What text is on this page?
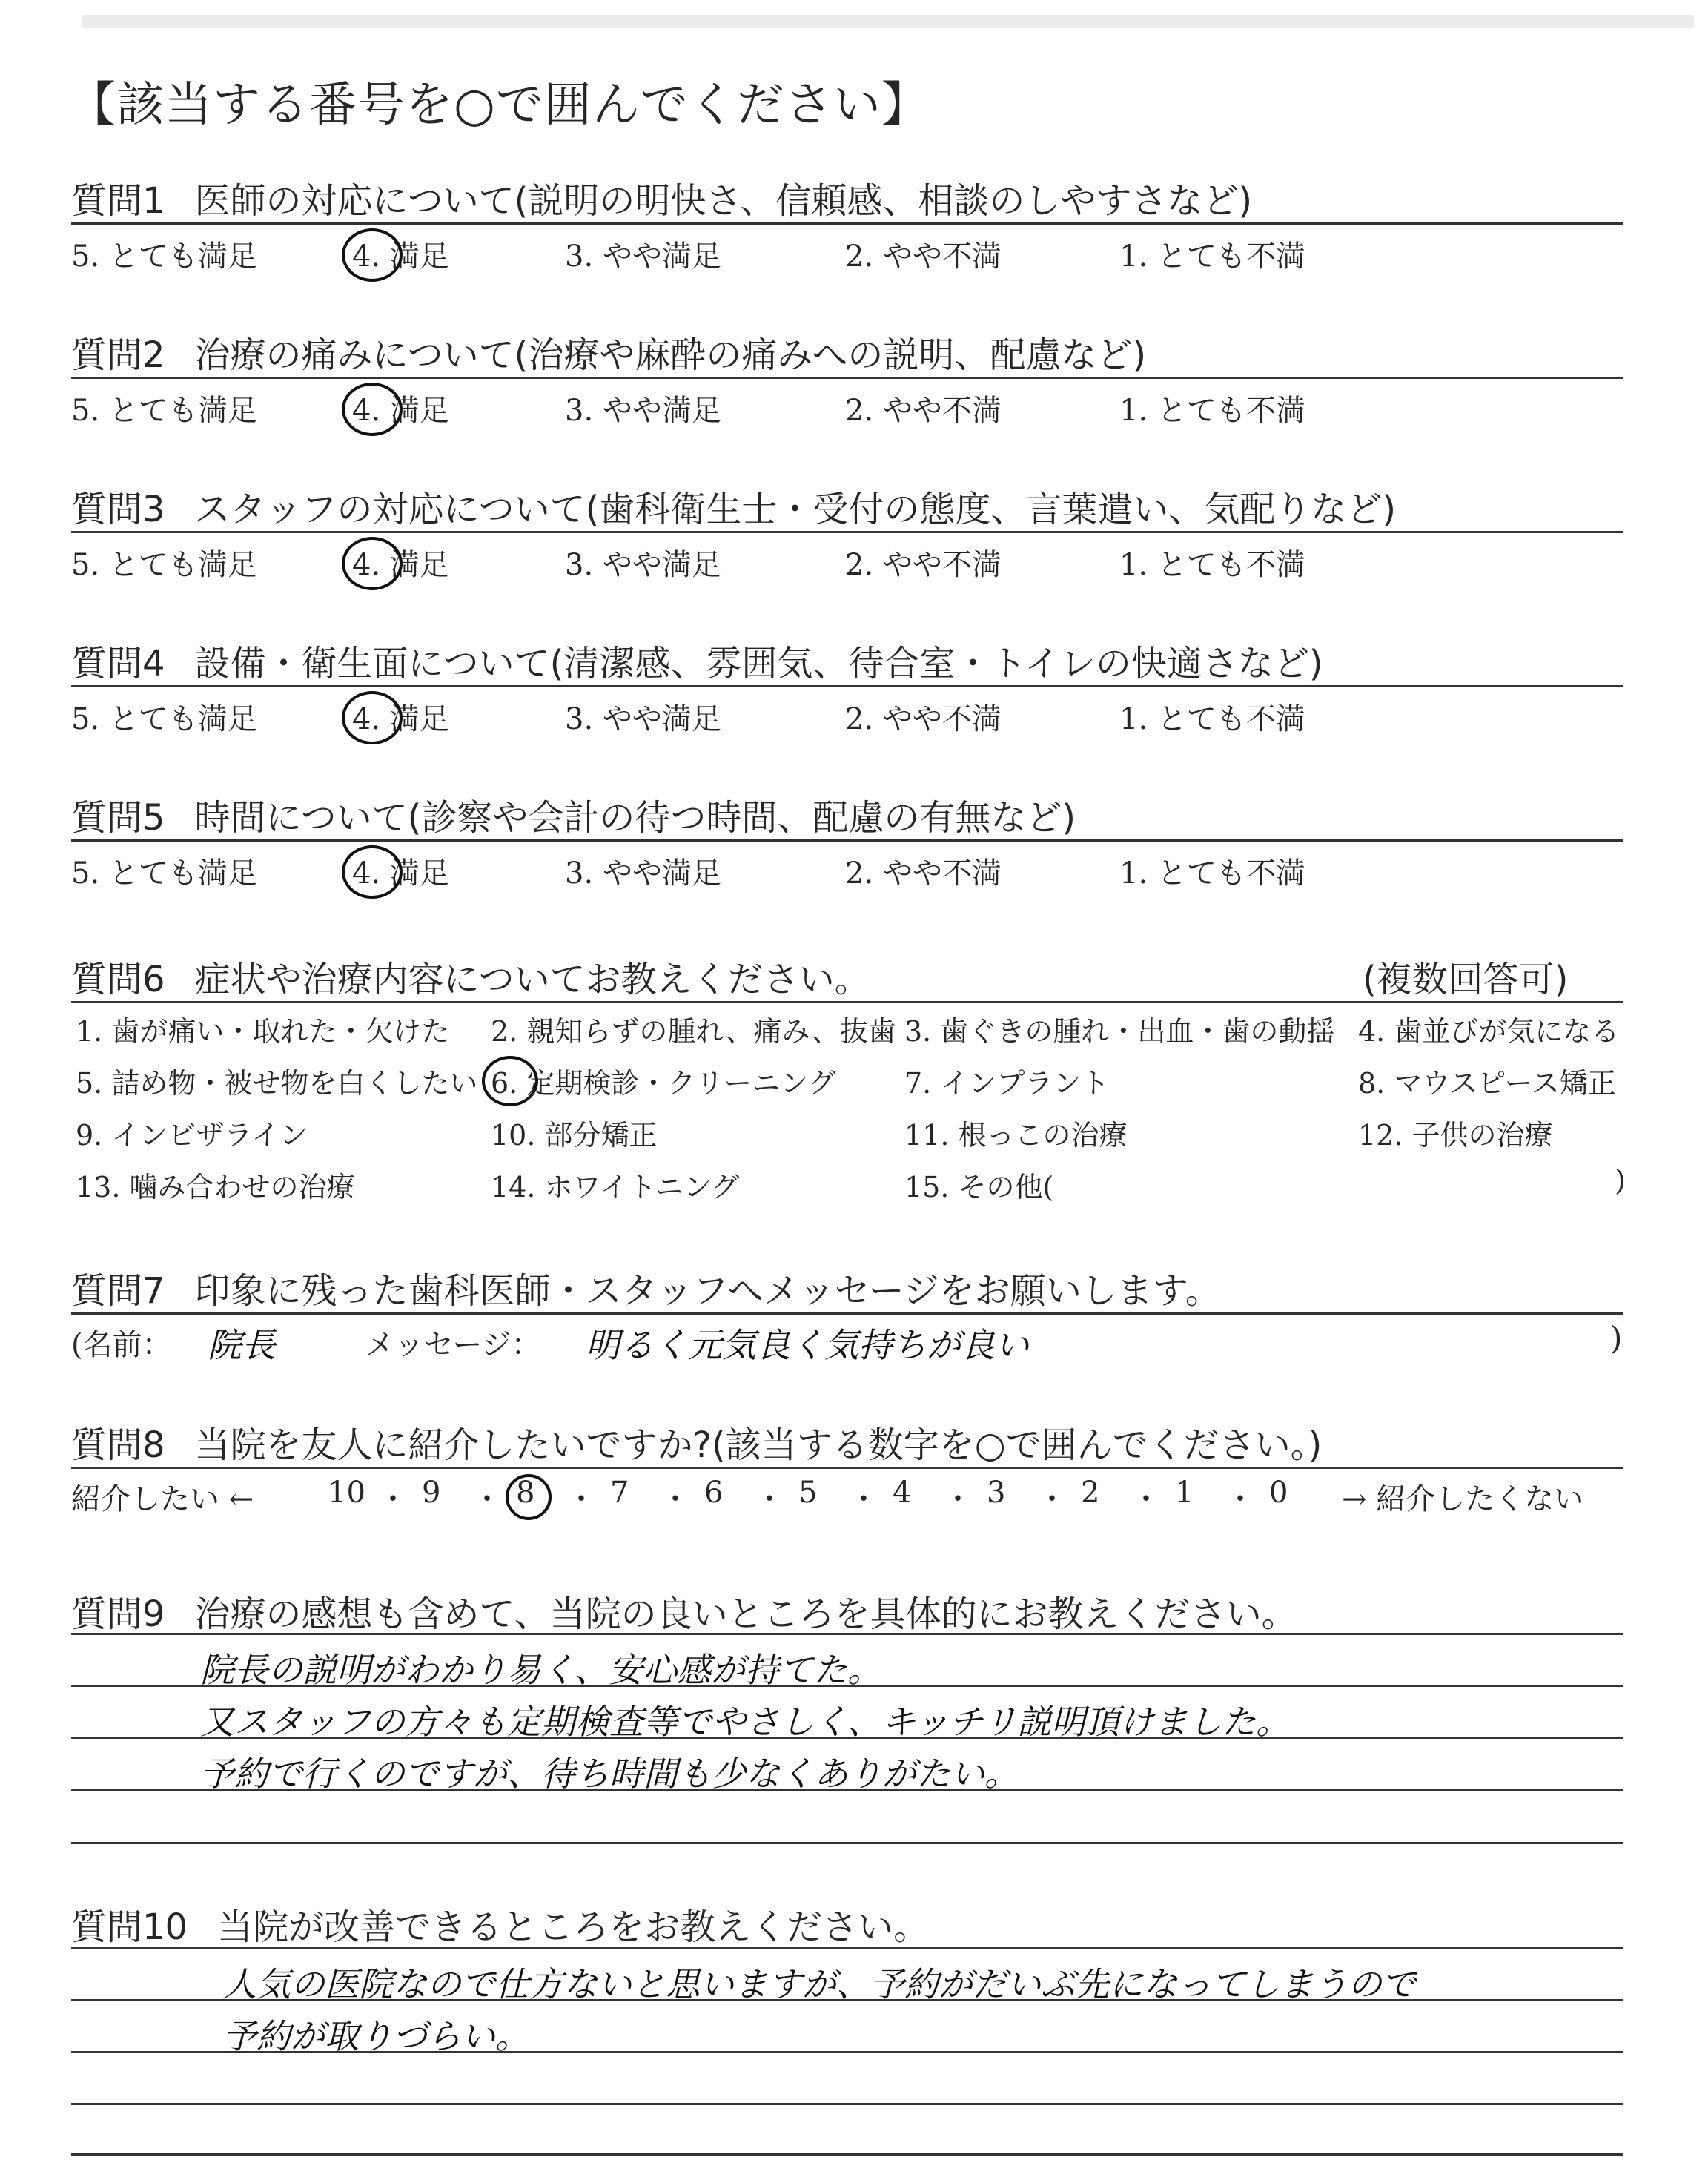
【該当する番号を○で囲んでください】
質問1 医師の対応について(説明の明快さ、信頼感、相談のしやすさなど)
5. とても満足	4. 満足	3. やや満足	2. やや不満	1. とても不満
質問2 治療の痛みについて(治療や麻酔の痛みへの説明、配慮など)
5. とても満足	4. 満足	3. やや満足	2. やや不満	1. とても不満
質問3 スタッフの対応について(歯科衛生士・受付の態度、言葉遣い、気配りなど)
5. とても満足	4. 満足	3. やや満足	2. やや不満	1. とても不満
質問4 設備・衛生面について(清潔感、雰囲気、待合室・トイレの快適さなど)
5. とても満足	4. 満足	3. やや満足	2. やや不満	1. とても不満
質問5 時間について(診察や会計の待つ時間、配慮の有無など)
5. とても満足	4. 満足	3. やや満足	2. やや不満	1. とても不満
質問6 症状や治療内容についてお教えください。	(複数回答可)
1. 歯が痛い・取れた・欠けた 2. 親知らずの腫れ、痛み、抜歯 3. 歯ぐきの腫れ・出血・歯の動揺 4. 歯並びが気になる
5. 詰め物・被せ物を白くしたい 6. 定期検診・クリーニング 7. インプラント	8. マウスピース矯正
9. インビザライン	10. 部分矯正	11. 根っこの治療	12. 子供の治療
13. 噛み合わせの治療	14. ホワイトニング	15. その他(	)
質問7 印象に残った歯科医師・スタッフへメッセージをお願いします。
(名前： 院長	メッセージ： 明るく元気良く気持ちが良い	)
質問8 当院を友人に紹介したいですか?(該当する数字を○で囲んでください。)
紹介したい ←	→ 紹介したくない
10 ・ 9 ・ 8 ・ 7 ・ 6 ・ 5 ・ 4 ・ 3 ・ 2 ・ 1 ・ 0
質問9 治療の感想も含めて、当院の良いところを具体的にお教えください。
院長の説明がわかり易く、安心感が持てた。
又スタッフの方々も定期検査等でやさしく、キッチリ説明頂けました。
予約で行くのですが、待ち時間も少なくありがたい。
質問10 当院が改善できるところをお教えください。
人気の医院なので仕方ないと思いますが、予約がだいぶ先になってしまうので
予約が取りづらい。
